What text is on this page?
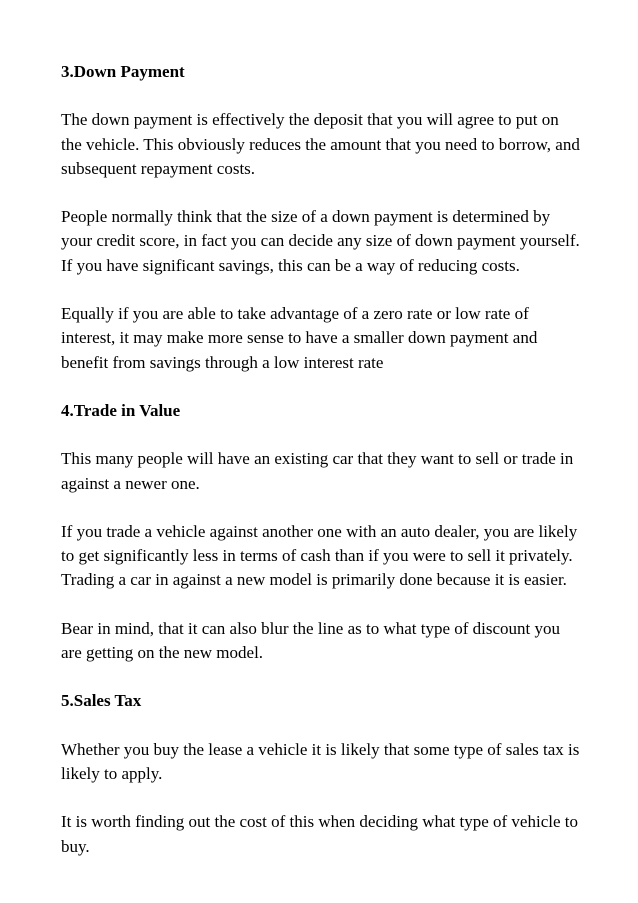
3.Down Payment

The down payment is effectively the deposit that you will agree to put on the vehicle. This obviously reduces the amount that you need to borrow, and subsequent repayment costs.

People normally think that the size of a down payment is determined by your credit score, in fact you can decide any size of down payment yourself. If you have significant savings, this can be a way of reducing costs.

Equally if you are able to take advantage of a zero rate or low rate of interest, it may make more sense to have a smaller down payment and benefit from savings through a low interest rate

4.Trade in Value

This many people will have an existing car that they want to sell or trade in against a newer one.

If you trade a vehicle against another one with an auto dealer, you are likely to get significantly less in terms of cash than if you were to sell it privately. Trading a car in against a new model is primarily done because it is easier.

Bear in mind, that it can also blur the line as to what type of discount you are getting on the new model.

5.Sales Tax

Whether you buy the lease a vehicle it is likely that some type of sales tax is likely to apply.

It is worth finding out the cost of this when deciding what type of vehicle to buy.
